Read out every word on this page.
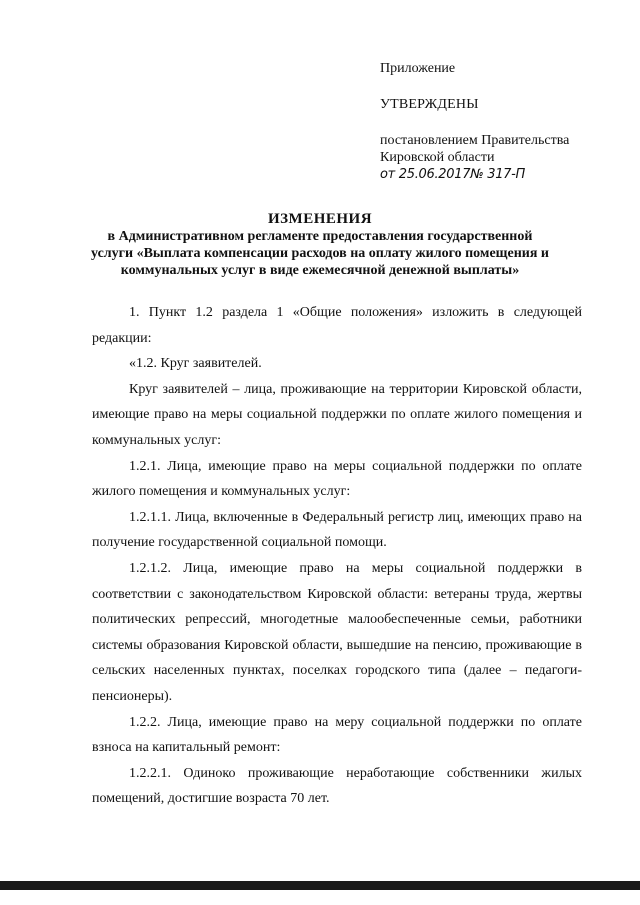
Приложение

УТВЕРЖДЕНЫ

постановлением Правительства
Кировской области
от 25.06.2017№ 317-П

ИЗМЕНЕНИЯ

в Административном регламенте предоставления государственной

услуги «Выплата компенсации расходов на оплату жилого помещения и

коммунальных услуг в виде ежемесячной денежной выплаты»

1. Пункт 1.2 раздела 1 «Общие положения» изложить в следующей редакции:

«1.2. Круг заявителей.

Круг заявителей – лица, проживающие на территории Кировской области, имеющие право на меры социальной поддержки по оплате жилого помещения и коммунальных услуг:

1.2.1. Лица, имеющие право на меры социальной поддержки по оплате жилого помещения и коммунальных услуг:

1.2.1.1. Лица, включенные в Федеральный регистр лиц, имеющих право на получение государственной социальной помощи.

1.2.1.2. Лица, имеющие право на меры социальной поддержки в соответствии с законодательством Кировской области: ветераны труда, жертвы политических репрессий, многодетные малообеспеченные семьи, работники системы образования Кировской области, вышедшие на пенсию, проживающие в сельских населенных пунктах, поселках городского типа (далее – педагоги-пенсионеры).

1.2.2. Лица, имеющие право на меру социальной поддержки по оплате взноса на капитальный ремонт:

1.2.2.1. Одиноко проживающие неработающие собственники жилых помещений, достигшие возраста 70 лет.
